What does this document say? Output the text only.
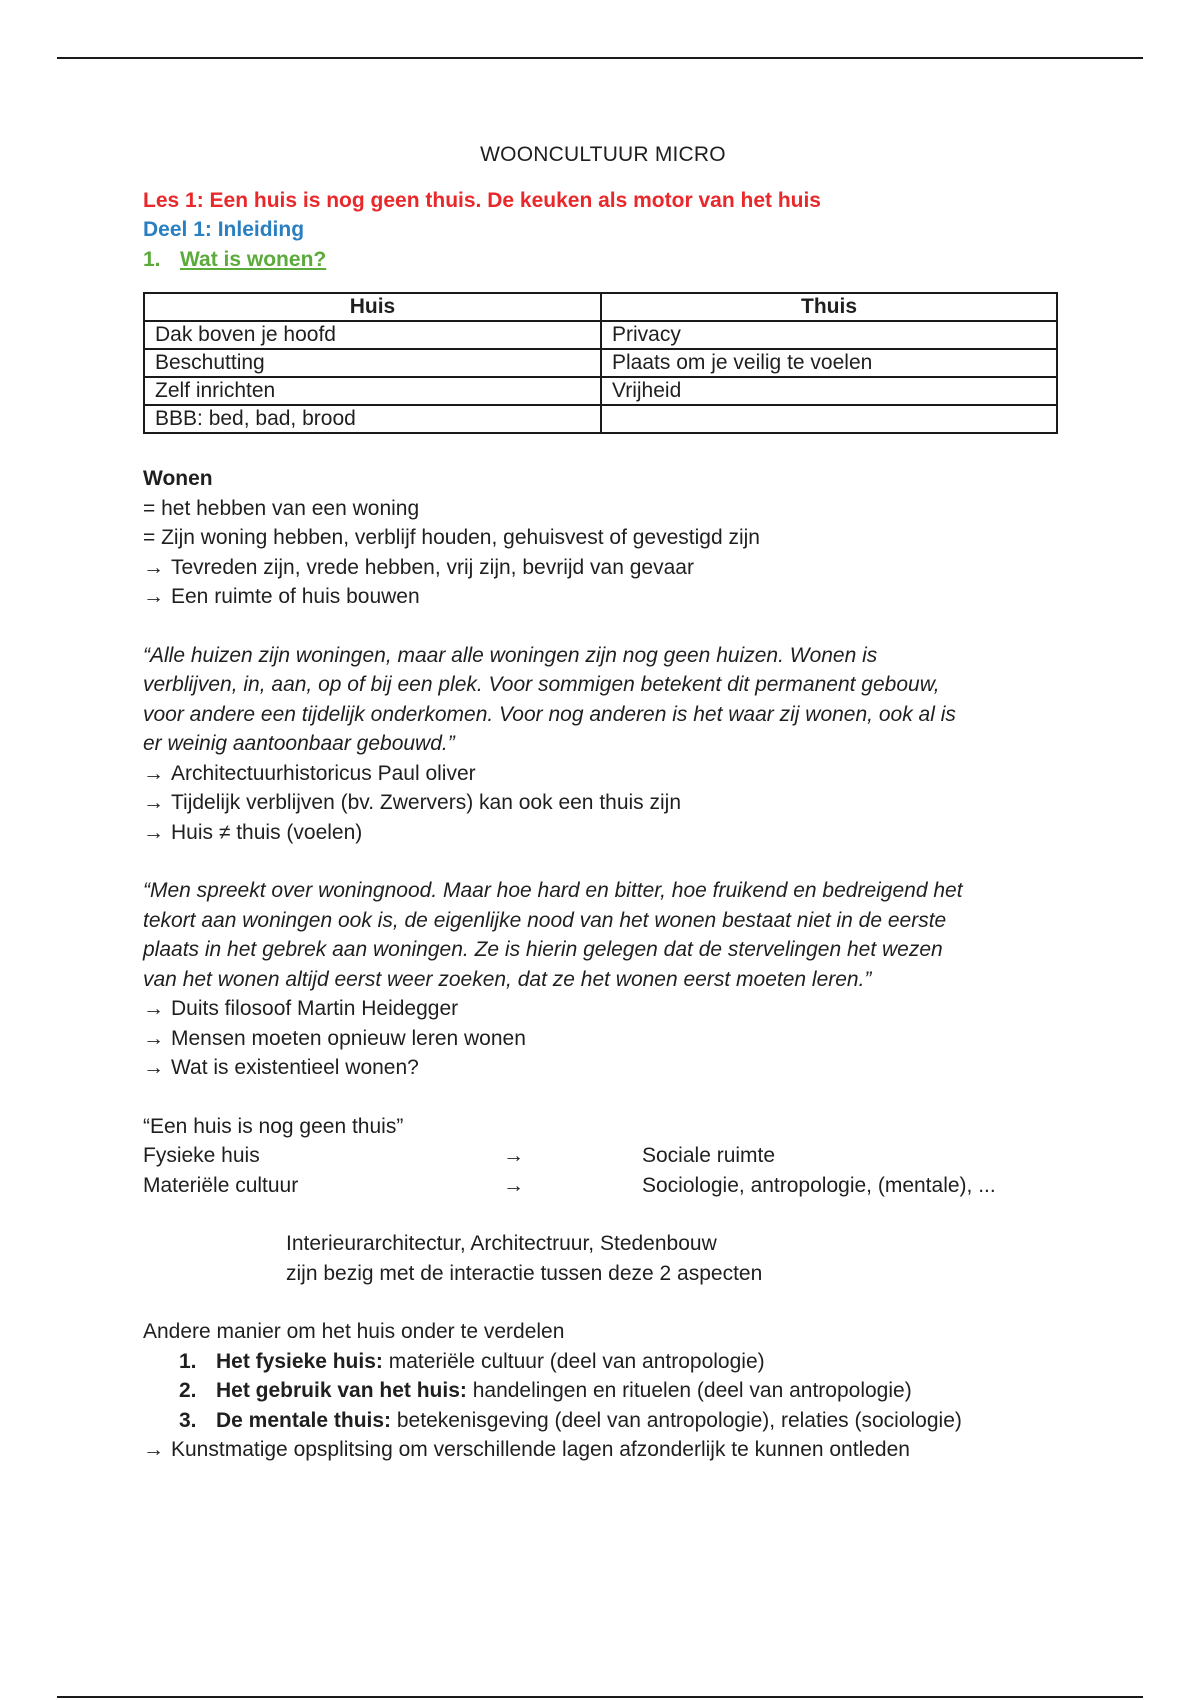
WOONCULTUUR MICRO

Les 1: Een huis is nog geen thuis. De keuken als motor van het huis

Deel 1: Inleiding

1. Wat is wonen?

Huis	Thuis
Dak boven je hoofd	Privacy
Beschutting	Plaats om je veilig te voelen
Zelf inrichten	Vrijheid
BBB: bed, bad, brood	

Wonen

= het hebben van een woning

= Zijn woning hebben, verblijf houden, gehuisvest of gevestigd zijn

→ Tevreden zijn, vrede hebben, vrij zijn, bevrijd van gevaar

→ Een ruimte of huis bouwen

“Alle huizen zijn woningen, maar alle woningen zijn nog geen huizen. Wonen is

verblijven, in, aan, op of bij een plek. Voor sommigen betekent dit permanent gebouw,

voor andere een tijdelijk onderkomen. Voor nog anderen is het waar zij wonen, ook al is

er weinig aantoonbaar gebouwd.”

→ Architectuurhistoricus Paul oliver

→ Tijdelijk verblijven (bv. Zwervers) kan ook een thuis zijn

→ Huis ≠ thuis (voelen)

“Men spreekt over woningnood. Maar hoe hard en bitter, hoe fruikend en bedreigend het

tekort aan woningen ook is, de eigenlijke nood van het wonen bestaat niet in de eerste

plaats in het gebrek aan woningen. Ze is hierin gelegen dat de stervelingen het wezen

van het wonen altijd eerst weer zoeken, dat ze het wonen eerst moeten leren.”

→ Duits filosoof Martin Heidegger

→ Mensen moeten opnieuw leren wonen

→ Wat is existentieel wonen?

“Een huis is nog geen thuis”

Fysieke huis	→	Sociale ruimte
Materiële cultuur	→	Sociologie, antropologie, (mentale), ...

Interieurarchitectur, Architectruur, Stedenbouw

zijn bezig met de interactie tussen deze 2 aspecten

Andere manier om het huis onder te verdelen

1. Het fysieke huis: materiële cultuur (deel van antropologie)
2. Het gebruik van het huis: handelingen en rituelen (deel van antropologie)
3. De mentale thuis: betekenisgeving (deel van antropologie), relaties (sociologie)

→ Kunstmatige opsplitsing om verschillende lagen afzonderlijk te kunnen ontleden
